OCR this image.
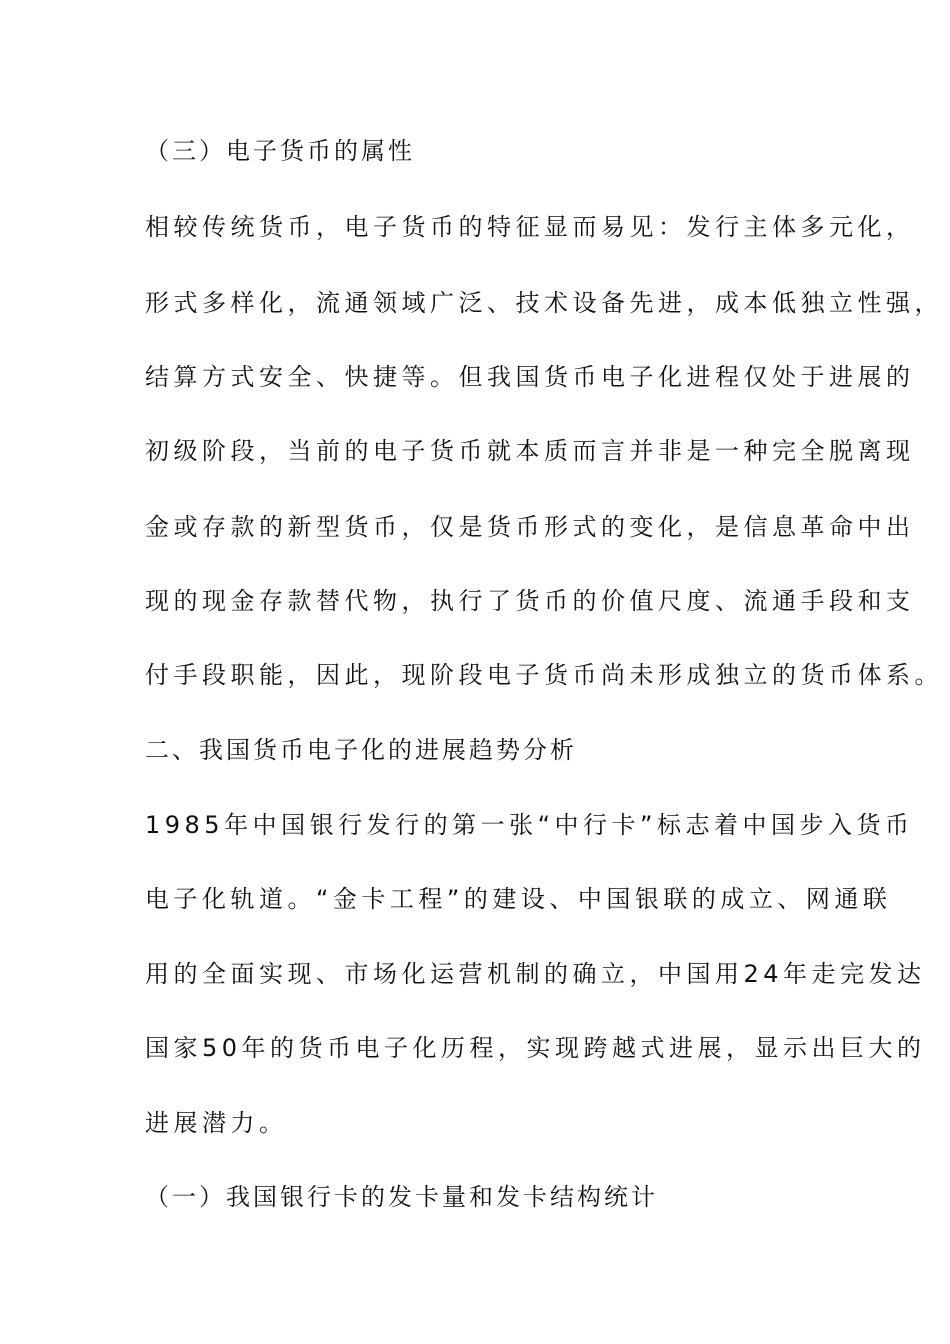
（三）电子货币的属性
相较传统货币，电子货币的特征显而易见：发行主体多元化，
形式多样化，流通领域广泛、技术设备先进，成本低独立性强，
结算方式安全、快捷等。但我国货币电子化进程仅处于进展的
初级阶段，当前的电子货币就本质而言并非是一种完全脱离现
金或存款的新型货币，仅是货币形式的变化，是信息革命中出
现的现金存款替代物，执行了货币的价值尺度、流通手段和支
付手段职能，因此，现阶段电子货币尚未形成独立的货币体系。
二、我国货币电子化的进展趋势分析
1985年中国银行发行的第一张“中行卡”标志着中国步入货币
电子化轨道。“金卡工程”的建设、中国银联的成立、网通联
用的全面实现、市场化运营机制的确立，中国用24年走完发达
国家50年的货币电子化历程，实现跨越式进展，显示出巨大的
进展潜力。
（一）我国银行卡的发卡量和发卡结构统计
